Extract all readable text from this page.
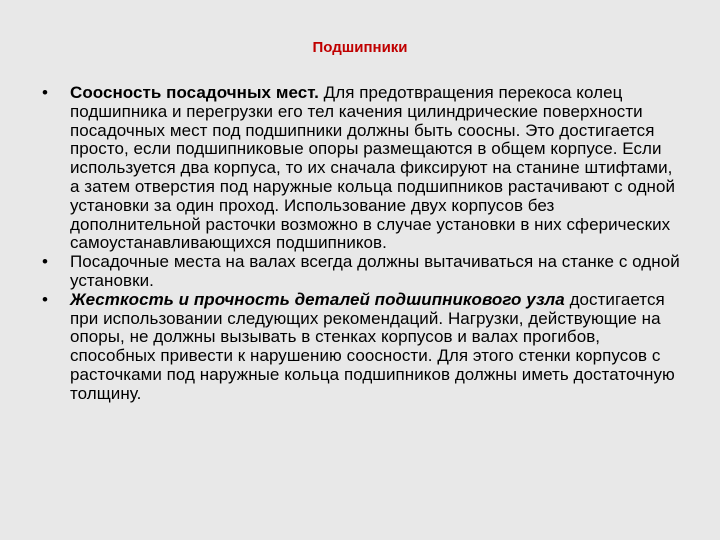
Подшипники
• Соосность посадочных мест. Для предотвращения перекоса колец подшипника и перегрузки его тел качения цилиндрические поверхности посадочных мест под подшипники должны быть соосны. Это достигается просто, если подшипниковые опоры размещаются в общем корпусе. Если используется два корпуса, то их сначала фиксируют на станине штифтами, а затем отверстия под наружные кольца подшипников растачивают с одной установки за один проход. Использование двух корпусов без дополнительной расточки возможно в случае установки в них сферических самоустанавливающихся подшипников.
• Посадочные места на валах всегда должны вытачиваться на станке с одной установки.
• Жесткость и прочность деталей подшипникового узла достигается при использовании следующих рекомендаций. Нагрузки, действующие на опоры, не должны вызывать в стенках корпусов и валах прогибов, способных привести к нарушению соосности. Для этого стенки корпусов с расточками под наружные кольца подшипников должны иметь достаточную толщину.
